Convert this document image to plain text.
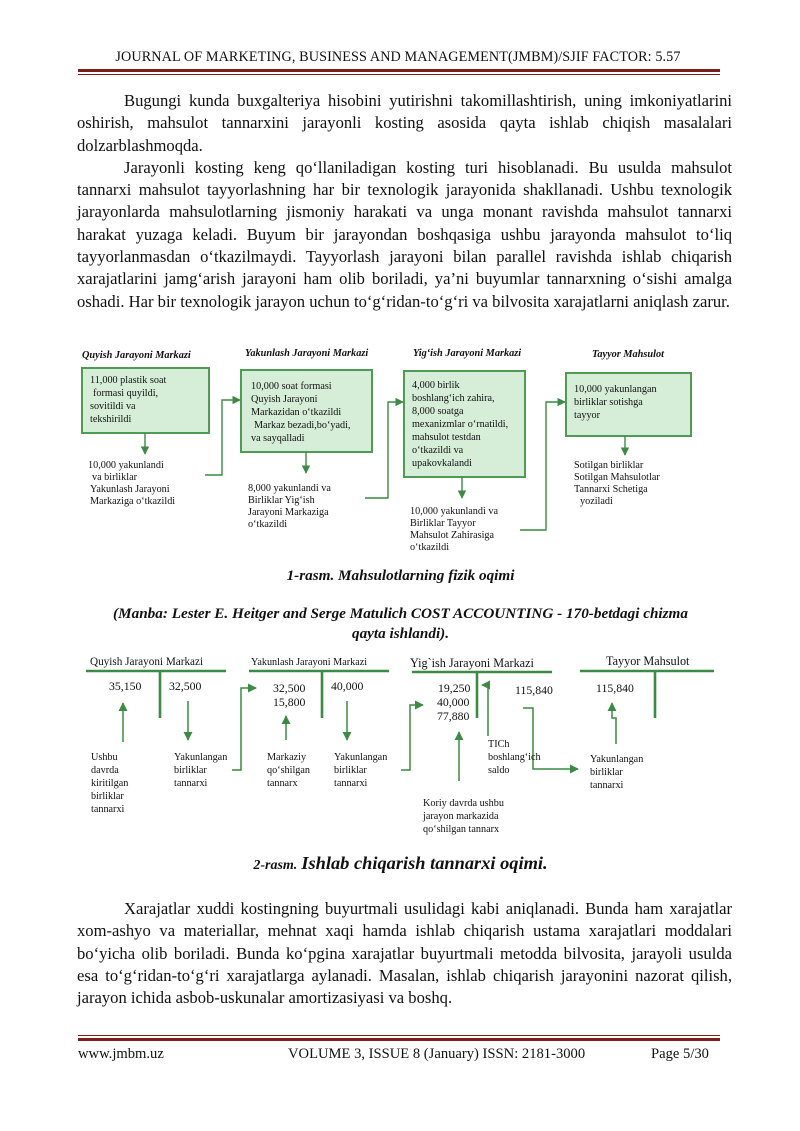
JOURNAL OF MARKETING, BUSINESS AND MANAGEMENT(JMBM)/SJIF FACTOR: 5.57

Bugungi kunda buxgalteriya hisobini yutirishni takomillashtirish, uning imkoniyatlarini oshirish, mahsulot tannarxini jarayonli kosting asosida qayta ishlab chiqish masalalari dolzarblashmoqda.

Jarayonli kosting keng qo‘llaniladigan kosting turi hisoblanadi. Bu usulda mahsulot tannarxi mahsulot tayyorlashning har bir texnologik jarayonida shakllanadi. Ushbu texnologik jarayonlarda mahsulotlarning jismoniy harakati va unga monant ravishda mahsulot tannarxi harakat yuzaga keladi. Buyum bir jarayondan boshqasiga ushbu jarayonda mahsulot to‘liq tayyorlanmasdan o‘tkazilmaydi. Tayyorlash jarayoni bilan parallel ravishda ishlab chiqarish xarajatlarini jamg‘arish jarayoni ham olib boriladi, ya’ni buyumlar tannarxning o‘sishi amalga oshadi. Har bir texnologik jarayon uchun to‘g‘ridan-to‘g‘ri va bilvosita xarajatlarni aniqlash zarur.

Quyish Jarayoni Markazi	Yakunlash Jarayoni Markazi	Yig‘ish Jarayoni Markazi	Tayyor Mahsulot
11,000 plastik soat
formasi quyildi,
sovitildi va
tekshirildi
10,000 soat formasi
Quyish Jarayoni
Markazidan o‘tkazildi
Markaz bezadi,bo‘yadi,
va sayqalladi
4,000 birlik
boshlang‘ich zahira,
8,000 soatga
mexanizmlar o‘rnatildi,
mahsulot testdan
o‘tkazildi va
upakovkalandi
10,000 yakunlangan
birliklar sotishga
tayyor
10,000 yakunlandi
va birliklar
Yakunlash Jarayoni
Markaziga o‘tkazildi
8,000 yakunlandi va
Birliklar Yig‘ish
Jarayoni Markaziga
o‘tkazildi
10,000 yakunlandi va
Birliklar Tayyor
Mahsulot Zahirasiga
o‘tkazildi
Sotilgan birliklar
Sotilgan Mahsulotlar
Tannarxi Schetiga
yoziladi

1-rasm. Mahsulotlarning fizik oqimi

(Manba: Lester E. Heitger and Serge Matulich COST ACCOUNTING - 170-betdagi chizma

qayta ishlandi).

Quyish Jarayoni Markazi	Yakunlash Jarayoni Markazi	Yig`ish Jarayoni Markazi	Tayyor Mahsulot
35,150 32,500	32,500
15,800
40,000	19,250
40,000
77,880
115,840	115,840
Ushbu
davrda
kiritilgan
birliklar
tannarxi
Yakunlangan
birliklar
tannarxi
Markaziy
qo‘shilgan
tannarx
Yakunlangan
birliklar
tannarxi
TICh
boshlang‘ich
saldo
Koriy davrda ushbu
jarayon markazida
qo‘shilgan tannarx
Yakunlangan
birliklar
tannarxi

2-rasm. Ishlab chiqarish tannarxi oqimi.

Xarajatlar xuddi kostingning buyurtmali usulidagi kabi aniqlanadi. Bunda ham xarajatlar xom-ashyo va materiallar, mehnat xaqi hamda ishlab chiqarish ustama xarajatlari moddalari bo‘yicha olib boriladi. Bunda ko‘pgina xarajatlar buyurtmali metodda bilvosita, jarayoli usulda esa to‘g‘ridan-to‘g‘ri xarajatlarga aylanadi. Masalan, ishlab chiqarish jarayonini nazorat qilish, jarayon ichida asbob-uskunalar amortizasiyasi va boshq.

www.jmbm.uz	VOLUME 3, ISSUE 8 (January) ISSN: 2181-3000	Page 5/30
